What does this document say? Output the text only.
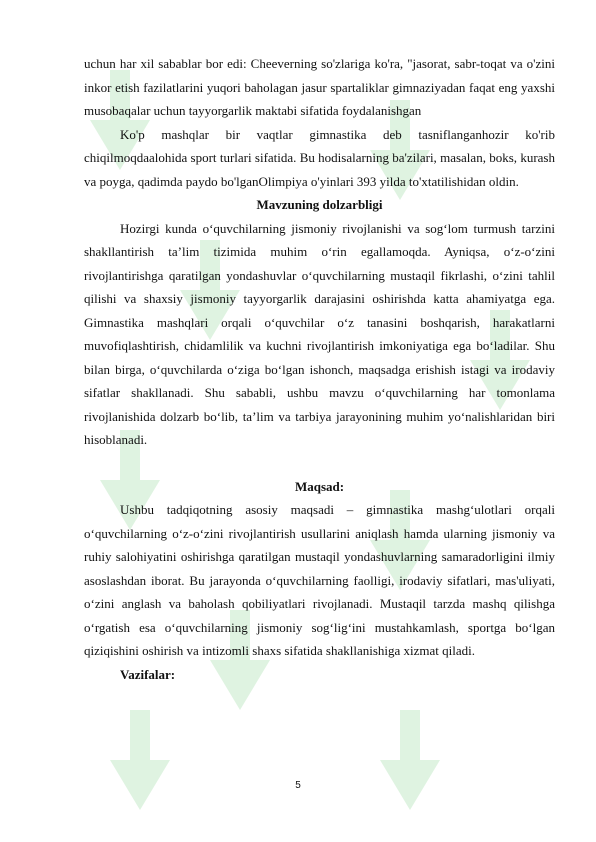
uchun har xil sabablar bor edi: Cheeverning so'zlariga ko'ra, "jasorat, sabr-toqat va o'zini inkor etish fazilatlarini yuqori baholagan jasur spartaliklar gimnaziyadan faqat eng yaxshi musobaqalar uchun tayyorgarlik maktabi sifatida foydalanishgan

Ko'p mashqlar bir vaqtlar gimnastika deb tasniflanganhozir ko'rib chiqilmoqdaalohida sport turlari sifatida. Bu hodisalarning ba'zilari, masalan, boks, kurash va poyga, qadimda paydo bo'lganOlimpiya o'yinlari 393 yilda to'xtatilishidan oldin.

Mavzuning dolzarbligi

Hozirgi kunda o‘quvchilarning jismoniy rivojlanishi va sog‘lom turmush tarzini shakllantirish ta’lim tizimida muhim o‘rin egallamoqda. Ayniqsa, o‘z-o‘zini rivojlantirishga qaratilgan yondashuvlar o‘quvchilarning mustaqil fikrlashi, o‘zini tahlil qilishi va shaxsiy jismoniy tayyorgarlik darajasini oshirishda katta ahamiyatga ega. Gimnastika mashqlari orqali o‘quvchilar o‘z tanasini boshqarish, harakatlarni muvofiqlashtirish, chidamlilik va kuchni rivojlantirish imkoniyatiga ega bo‘ladilar. Shu bilan birga, o‘quvchilarda o‘ziga bo‘lgan ishonch, maqsadga erishish istagi va irodaviy sifatlar shakllanadi. Shu sababli, ushbu mavzu o‘quvchilarning har tomonlama rivojlanishida dolzarb bo‘lib, ta’lim va tarbiya jarayonining muhim yo‘nalishlaridan biri hisoblanadi.

Maqsad:

Ushbu tadqiqotning asosiy maqsadi – gimnastika mashg‘ulotlari orqali o‘quvchilarning o‘z-o‘zini rivojlantirish usullarini aniqlash hamda ularning jismoniy va ruhiy salohiyatini oshirishga qaratilgan mustaqil yondashuvlarning samaradorligini ilmiy asoslashdan iborat. Bu jarayonda o‘quvchilarning faolligi, irodaviy sifatlari, mas'uliyati, o‘zini anglash va baholash qobiliyatlari rivojlanadi. Mustaqil tarzda mashq qilishga o‘rgatish esa o‘quvchilarning jismoniy sog‘lig‘ini mustahkamlash, sportga bo‘lgan qiziqishini oshirish va intizomli shaxs sifatida shakllanishiga xizmat qiladi.

Vazifalar:

5
